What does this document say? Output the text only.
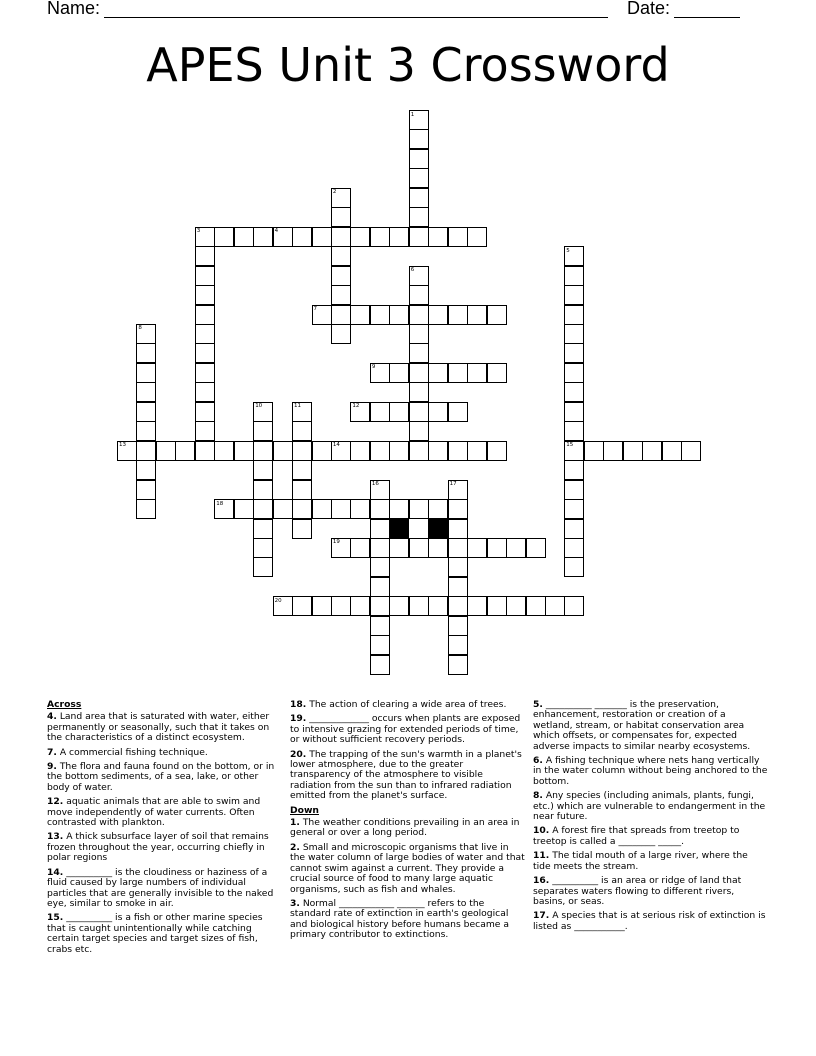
Name:	Date:
APES Unit 3 Crossword
1
2
3	4
5
6
7
8
9
10	11	12
13	14	15
16	17
18
19
20
Across
4. Land area that is saturated with water, either permanently or seasonally, such that it takes on the characteristics of a distinct ecosystem.
7. A commercial fishing technique.
9. The flora and fauna found on the bottom, or in the bottom sediments, of a sea, lake, or other body of water.
12. aquatic animals that are able to swim and move independently of water currents. Often contrasted with plankton.
13. A thick subsurface layer of soil that remains frozen throughout the year, occurring chiefly in polar regions
14. __________ is the cloudiness or haziness of a fluid caused by large numbers of individual particles that are generally invisible to the naked eye, similar to smoke in air.
15. __________ is a fish or other marine species that is caught unintentionally while catching certain target species and target sizes of fish, crabs etc.
18. The action of clearing a wide area of trees.
19. _____________ occurs when plants are exposed to intensive grazing for extended periods of time, or without sufficient recovery periods.
20. The trapping of the sun's warmth in a planet's lower atmosphere, due to the greater transparency of the atmosphere to visible radiation from the sun than to infrared radiation emitted from the planet's surface.
Down
1. The weather conditions prevailing in an area in general or over a long period.
2. Small and microscopic organisms that live in the water column of large bodies of water and that cannot swim against a current. They provide a crucial source of food to many large aquatic organisms, such as fish and whales.
3. Normal ____________ ______ refers to the standard rate of extinction in earth's geological and biological history before humans became a primary contributor to extinctions.
5. __________ _______ is the preservation, enhancement, restoration or creation of a wetland, stream, or habitat conservation area which offsets, or compensates for, expected adverse impacts to similar nearby ecosystems.
6. A fishing technique where nets hang vertically in the water column without being anchored to the bottom.
8. Any species (including animals, plants, fungi, etc.) which are vulnerable to endangerment in the near future.
10. A forest fire that spreads from treetop to treetop is called a ________ _____.
11. The tidal mouth of a large river, where the tide meets the stream.
16. __________ is an area or ridge of land that separates waters flowing to different rivers, basins, or seas.
17. A species that is at serious risk of extinction is listed as ___________.
